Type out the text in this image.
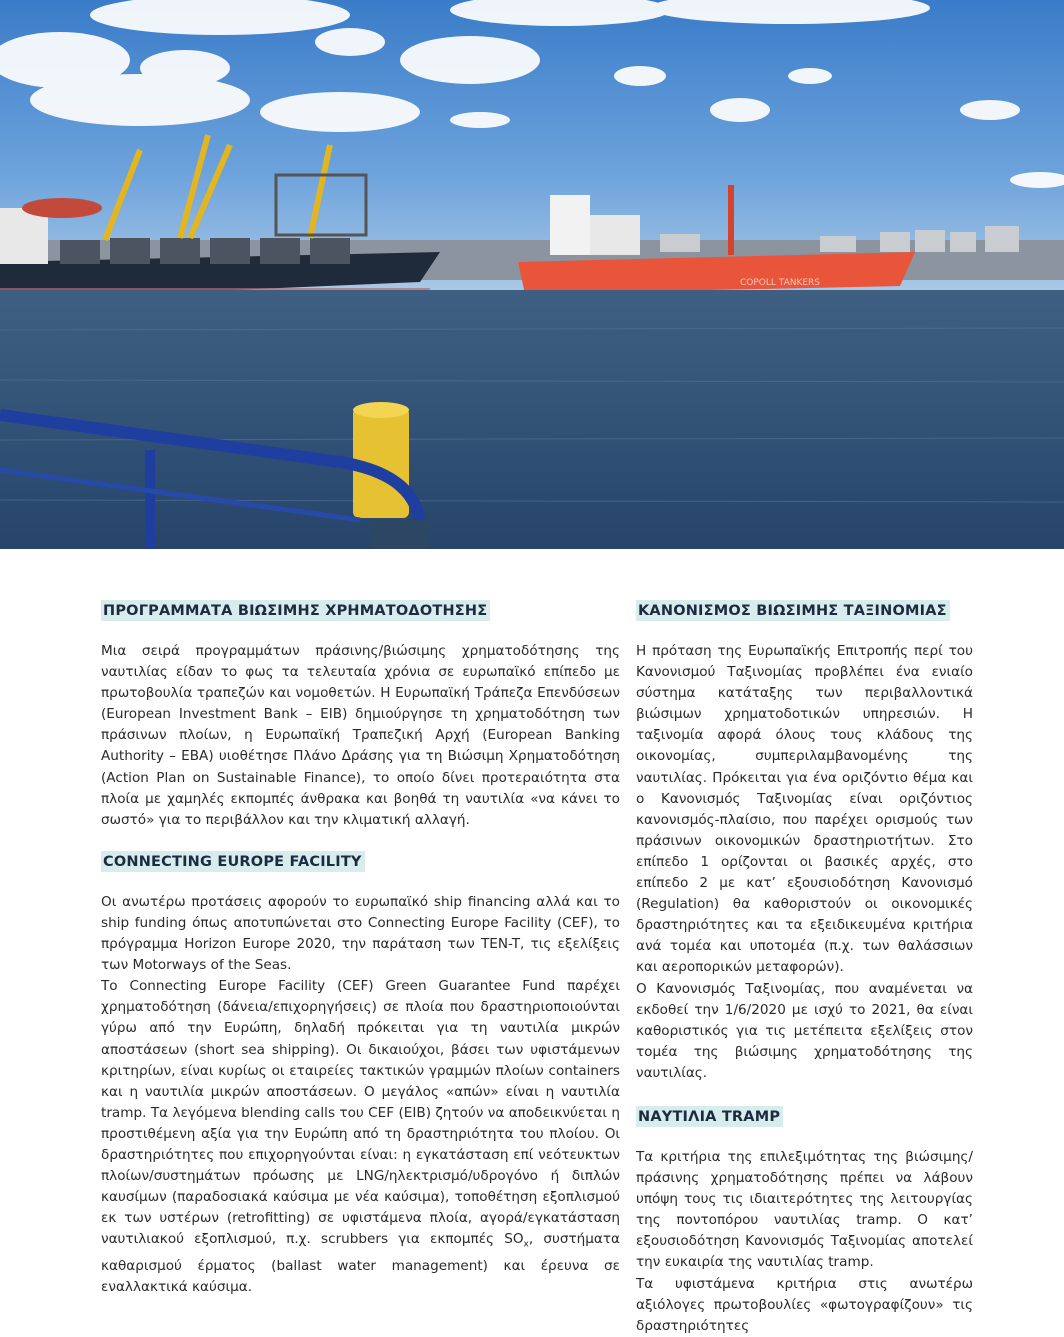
COPOLL TANKERS
ΠΡΟΓΡΑΜΜΑΤΑ ΒΙΩΣΙΜΗΣ ΧΡΗΜΑΤΟΔΟΤΗΣΗΣ

Μια σειρά προγραμμάτων πράσινης/βιώσιμης χρηματοδότησης της ναυτιλίας είδαν το φως τα τελευταία χρόνια σε ευρωπαϊκό επίπεδο με πρωτοβουλία τραπεζών και νομοθετών. Η Ευρωπαϊκή Τράπεζα Επενδύσεων (European Investment Bank – EIB) δημιούργησε τη χρηματοδότηση των πράσινων πλοίων, η Ευρωπαϊκή Τραπεζική Αρχή (European Banking Authority – EBA) υιοθέτησε Πλάνο Δράσης για τη Βιώσιμη Χρηματοδότηση (Action Plan on Sustainable Finance), το οποίο δίνει προτεραιότητα στα πλοία με χαμηλές εκπομπές άνθρακα και βοηθά τη ναυτιλία «να κάνει το σωστό» για το περιβάλλον και την κλιματική αλλαγή.

CONNECTING EUROPE FACILITY

Οι ανωτέρω προτάσεις αφορούν το ευρωπαϊκό ship financing αλλά και το ship funding όπως αποτυπώνεται στο Connecting Europe Facility (CEF), το πρόγραμμα Horizon Europe 2020, την παράταση των TEN-T, τις εξελίξεις των Motorways of the Seas.

Το Connecting Europe Facility (CEF) Green Guarantee Fund παρέχει χρηματοδότηση (δάνεια/επιχορηγήσεις) σε πλοία που δραστηριοποιούνται γύρω από την Ευρώπη, δηλαδή πρόκειται για τη ναυτιλία μικρών αποστάσεων (short sea shipping). Οι δικαιούχοι, βάσει των υφιστάμενων κριτηρίων, είναι κυρίως οι εταιρείες τακτικών γραμμών πλοίων containers και η ναυτιλία μικρών αποστάσεων. Ο μεγάλος «απών» είναι η ναυτιλία tramp. Τα λεγόμενα blending calls του CEF (EIB) ζητούν να αποδεικνύεται η προστιθέμενη αξία για την Ευρώπη από τη δραστηριότητα του πλοίου. Οι δραστηριότητες που επιχορηγούνται είναι: η εγκατάσταση επί νεότευκτων πλοίων/συστημάτων πρόωσης με LNG/ηλεκτρισμό/υδρογόνο ή διπλών καυσίμων (παραδοσιακά καύσιμα με νέα καύσιμα), τοποθέτηση εξοπλισμού εκ των υστέρων (retrofitting) σε υφιστάμενα πλοία, αγορά/εγκατάσταση ναυτιλιακού εξοπλισμού, π.χ. scrubbers για εκπομπές $SO_x$, συστήματα καθαρισμού έρματος (ballast water management) και έρευνα σε εναλλακτικά καύσιμα.

ΚΑΝΟΝΙΣΜΟΣ ΒΙΩΣΙΜΗΣ ΤΑΞΙΝΟΜΙΑΣ

Η πρόταση της Ευρωπαϊκής Επιτροπής περί του Κανονισμού Ταξινομίας προβλέπει ένα ενιαίο σύστημα κατάταξης των περιβαλλοντικά βιώσιμων χρηματοδοτικών υπηρεσιών. Η ταξινομία αφορά όλους τους κλάδους της οικονομίας, συμπεριλαμβανομένης της ναυτιλίας. Πρόκειται για ένα οριζόντιο θέμα και ο Κανονισμός Ταξινομίας είναι οριζόντιος κανονισμός-πλαίσιο, που παρέχει ορισμούς των πράσινων οικονομικών δραστηριοτήτων. Στο επίπεδο 1 ορίζονται οι βασικές αρχές, στο επίπεδο 2 με κατ’ εξουσιοδότηση Κανονισμό (Regulation) θα καθοριστούν οι οικονομικές δραστηριότητες και τα εξειδικευμένα κριτήρια ανά τομέα και υποτομέα (π.χ. των θαλάσσιων και αεροπορικών μεταφορών).

Ο Κανονισμός Ταξινομίας, που αναμένεται να εκδοθεί την 1/6/2020 με ισχύ το 2021, θα είναι καθοριστικός για τις μετέπειτα εξελίξεις στον τομέα της βιώσιμης χρηματοδότησης της ναυτιλίας.

ΝΑΥΤΙΛΙΑ TRAMP

Τα κριτήρια της επιλεξιμότητας της βιώσιμης/πράσινης χρηματοδότησης πρέπει να λάβουν υπόψη τους τις ιδιαιτερότητες της λειτουργίας της ποντοπόρου ναυτιλίας tramp. Ο κατ’ εξουσιοδότηση Κανονισμός Ταξινομίας αποτελεί την ευκαιρία της ναυτιλίας tramp.

Τα υφιστάμενα κριτήρια στις ανωτέρω αξιόλογες πρωτοβουλίες «φωτογραφίζουν» τις δραστηριότητες
